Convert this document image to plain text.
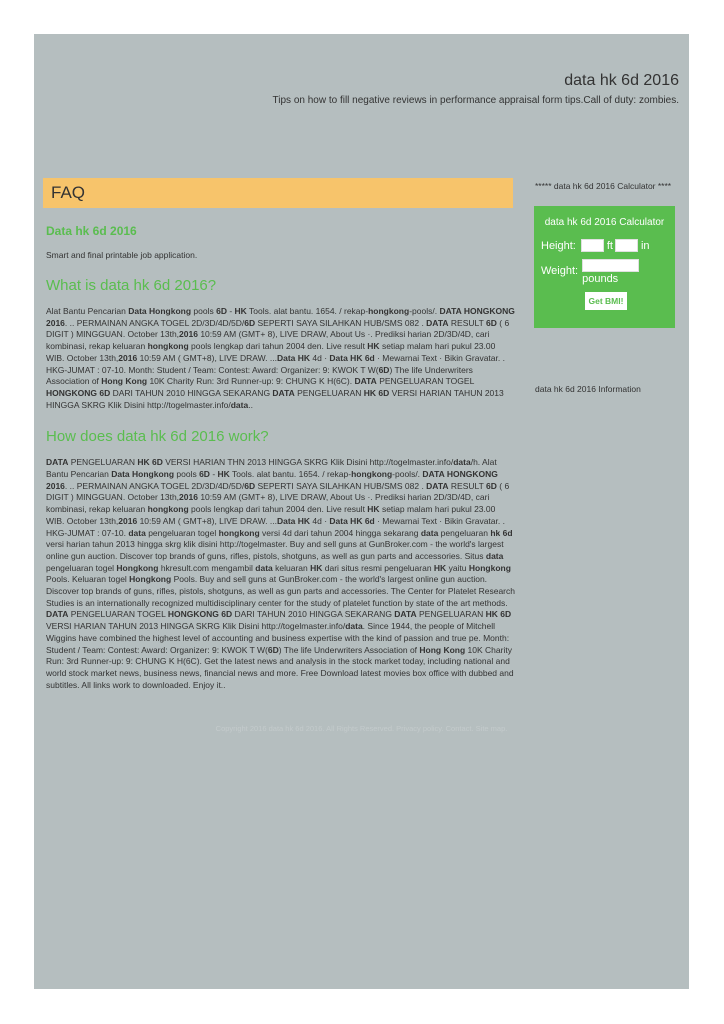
data hk 6d 2016
Tips on how to fill negative reviews in performance appraisal form tips.Call of duty: zombies.
FAQ
Data hk 6d 2016

Smart and final printable job application.

What is data hk 6d 2016?

Alat Bantu Pencarian Data Hongkong pools 6D - HK Tools. alat bantu. 1654. / rekap-hongkong-pools/. DATA HONGKONG 2016. .. PERMAINAN ANGKA TOGEL 2D/3D/4D/5D/6D SEPERTI SAYA SILAHKAN HUB/SMS 082 . DATA RESULT 6D ( 6 DIGIT ) MINGGUAN. October 13th,2016 10:59 AM (GMT+ 8), LIVE DRAW, About Us ·. Prediksi harian 2D/3D/4D, cari kombinasi, rekap keluaran hongkong pools lengkap dari tahun 2004 den. Live result HK setiap malam hari pukul 23.00 WIB. October 13th,2016 10:59 AM ( GMT+8), LIVE DRAW. ...Data HK 4d · Data HK 6d · Mewarnai Text · Bikin Gravatar. . HKG-JUMAT : 07-10. Month: Student / Team: Contest: Award: Organizer: 9: KWOK T W(6D) The life Underwriters Association of Hong Kong 10K Charity Run: 3rd Runner-up: 9: CHUNG K H(6C). DATA PENGELUARAN TOGEL HONGKONG 6D DARI TAHUN 2010 HINGGA SEKARANG DATA PENGELUARAN HK 6D VERSI HARIAN TAHUN 2013 HINGGA SKRG Klik Disini http://togelmaster.info/data..

How does data hk 6d 2016 work?

DATA PENGELUARAN HK 6D VERSI HARIAN THN 2013 HINGGA SKRG Klik Disini http://togelmaster.info/data/h. Alat Bantu Pencarian Data Hongkong pools 6D - HK Tools. alat bantu. 1654. / rekap-hongkong-pools/. DATA HONGKONG 2016. .. PERMAINAN ANGKA TOGEL 2D/3D/4D/5D/6D SEPERTI SAYA SILAHKAN HUB/SMS 082 . DATA RESULT 6D ( 6 DIGIT ) MINGGUAN. October 13th,2016 10:59 AM (GMT+ 8), LIVE DRAW, About Us ·. Prediksi harian 2D/3D/4D, cari kombinasi, rekap keluaran hongkong pools lengkap dari tahun 2004 den. Live result HK setiap malam hari pukul 23.00 WIB. October 13th,2016 10:59 AM ( GMT+8), LIVE DRAW. ...Data HK 4d · Data HK 6d · Mewarnai Text · Bikin Gravatar. . HKG-JUMAT : 07-10. data pengeluaran togel hongkong versi 4d dari tahun 2004 hingga sekarang data pengeluaran hk 6d versi harian tahun 2013 hingga skrg klik disini http://togelmaster. Buy and sell guns at GunBroker.com - the world's largest online gun auction. Discover top brands of guns, rifles, pistols, shotguns, as well as gun parts and accessories. Situs data pengeluaran togel Hongkong hkresult.com mengambil data keluaran HK dari situs resmi pengeluaran HK yaitu Hongkong Pools. Keluaran togel Hongkong Pools. Buy and sell guns at GunBroker.com - the world's largest online gun auction. Discover top brands of guns, rifles, pistols, shotguns, as well as gun parts and accessories. The Center for Platelet Research Studies is an internationally recognized multidisciplinary center for the study of platelet function by state of the art methods. DATA PENGELUARAN TOGEL HONGKONG 6D DARI TAHUN 2010 HINGGA SEKARANG DATA PENGELUARAN HK 6D VERSI HARIAN TAHUN 2013 HINGGA SKRG Klik Disini http://togelmaster.info/data. Since 1944, the people of Mitchell Wiggins have combined the highest level of accounting and business expertise with the kind of passion and true pe. Month: Student / Team: Contest: Award: Organizer: 9: KWOK T W(6D) The life Underwriters Association of Hong Kong 10K Charity Run: 3rd Runner-up: 9: CHUNG K H(6C). Get the latest news and analysis in the stock market today, including national and world stock market news, business news, financial news and more. Free Download latest movies box office with dubbed and subtitles. All links work to downloaded. Enjoy it..

***** data hk 6d 2016 Calculator ****
data hk 6d 2016 Calculator
Height:	ft	in
Weight:
pounds
Get BMI!
data hk 6d 2016 Information
Copyright 2016 data hk 6d 2016. All Rights Reserved. Privacy policy. Contact. Site map.
